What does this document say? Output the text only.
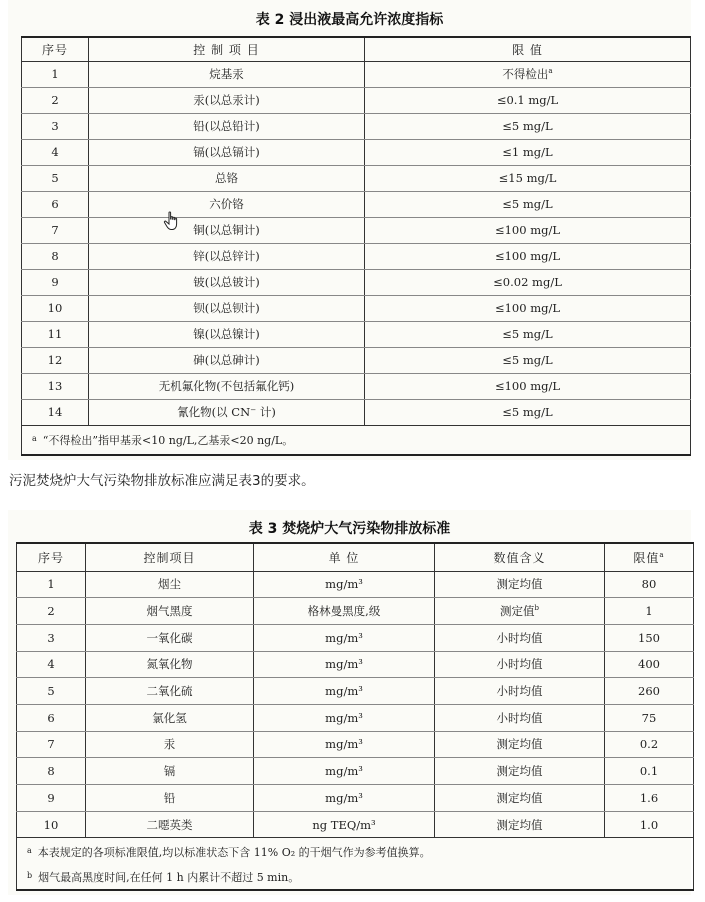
表 2 浸出液最高允许浓度指标
序号	控 制 项 目	限 值
1	烷基汞	不得检出$^a$
2	汞(以总汞计)	≤0.1 mg/L
3	铅(以总铅计)	≤5 mg/L
4	镉(以总镉计)	≤1 mg/L
5	总铬	≤15 mg/L
6	六价铬	≤5 mg/L
7	铜(以总铜计)	≤100 mg/L
8	锌(以总锌计)	≤100 mg/L
9	铍(以总铍计)	≤0.02 mg/L
10	钡(以总钡计)	≤100 mg/L
11	镍(以总镍计)	≤5 mg/L
12	砷(以总砷计)	≤5 mg/L
13	无机氟化物(不包括氟化钙)	≤100 mg/L
14	氰化物(以 CN⁻ 计)	≤5 mg/L
$^a$ “不得检出”指甲基汞<10 ng/L,乙基汞<20 ng/L。		
污泥焚烧炉大气污染物排放标准应满足表3的要求。
表 3 焚烧炉大气污染物排放标准
序号	控制项目	单 位	数值含义	限值$^a$
1	烟尘	mg/m³	测定均值	80
2	烟气黑度	格林曼黑度,级	测定值$^b$	1
3	一氧化碳	mg/m³	小时均值	150
4	氮氧化物	mg/m³	小时均值	400
5	二氧化硫	mg/m³	小时均值	260
6	氯化氢	mg/m³	小时均值	75
7	汞	mg/m³	测定均值	0.2
8	镉	mg/m³	测定均值	0.1
9	铅	mg/m³	测定均值	1.6
10	二噁英类	ng TEQ/m³	测定均值	1.0
$^a$ 本表规定的各项标准限值,均以标准状态下含 11% O₂ 的干烟气作为参考值换算。				
$^b$ 烟气最高黑度时间,在任何 1 h 内累计不超过 5 min。				
